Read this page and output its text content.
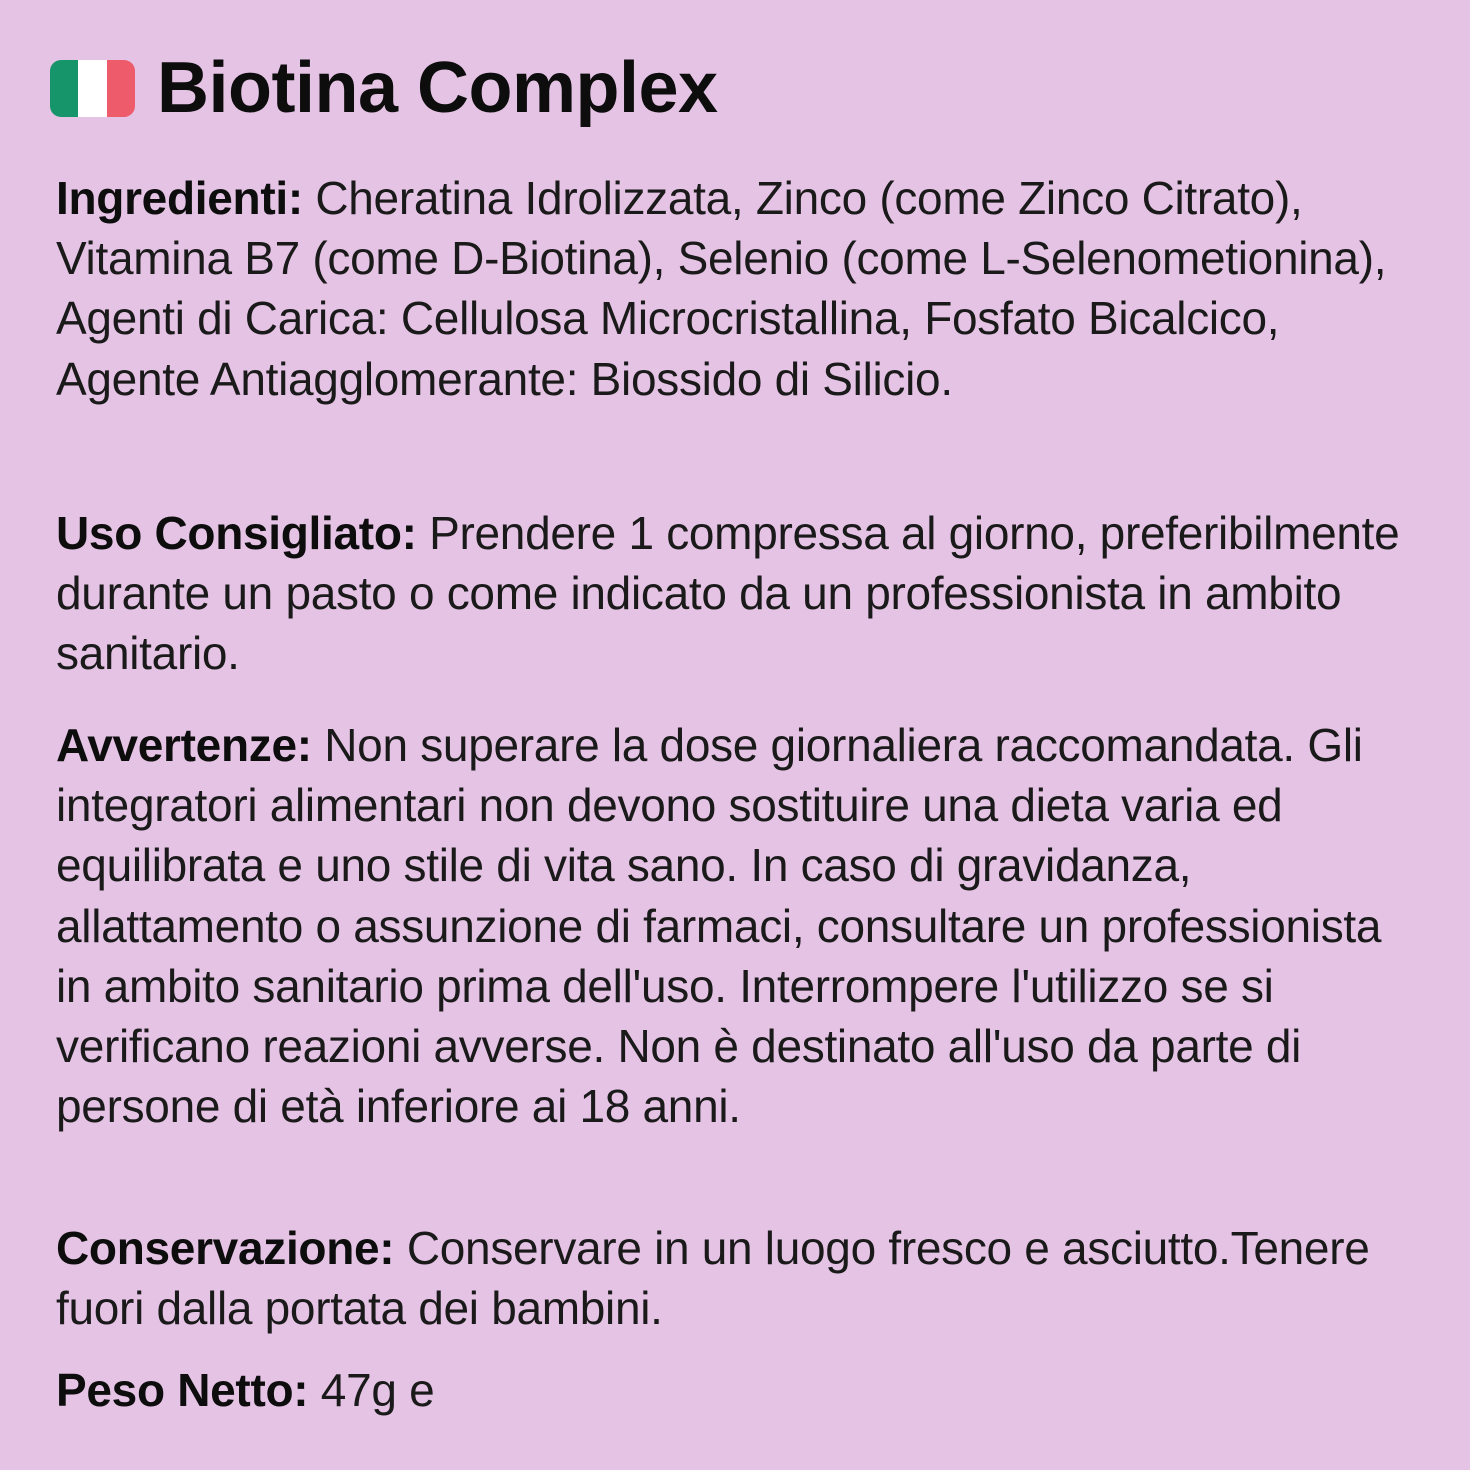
Biotina Complex

Ingredienti: Cheratina Idrolizzata, Zinco (come Zinco Citrato), Vitamina B7 (come D-Biotina), Selenio (come L-Selenometionina), Agenti di Carica: Cellulosa Microcristallina, Fosfato Bicalcico, Agente Antiagglomerante: Biossido di Silicio.

Uso Consigliato: Prendere 1 compressa al giorno, preferibilmente durante un pasto o come indicato da un professionista in ambito sanitario.

Avvertenze: Non superare la dose giornaliera raccomandata. Gli integratori alimentari non devono sostituire una dieta varia ed equilibrata e uno stile di vita sano. In caso di gravidanza, allattamento o assunzione di farmaci, consultare un professionista in ambito sanitario prima dell'uso. Interrompere l'utilizzo se si verificano reazioni avverse. Non è destinato all'uso da parte di persone di età inferiore ai 18 anni.

Conservazione: Conservare in un luogo fresco e asciutto.Tenere fuori dalla portata dei bambini.

Peso Netto: 47g e
